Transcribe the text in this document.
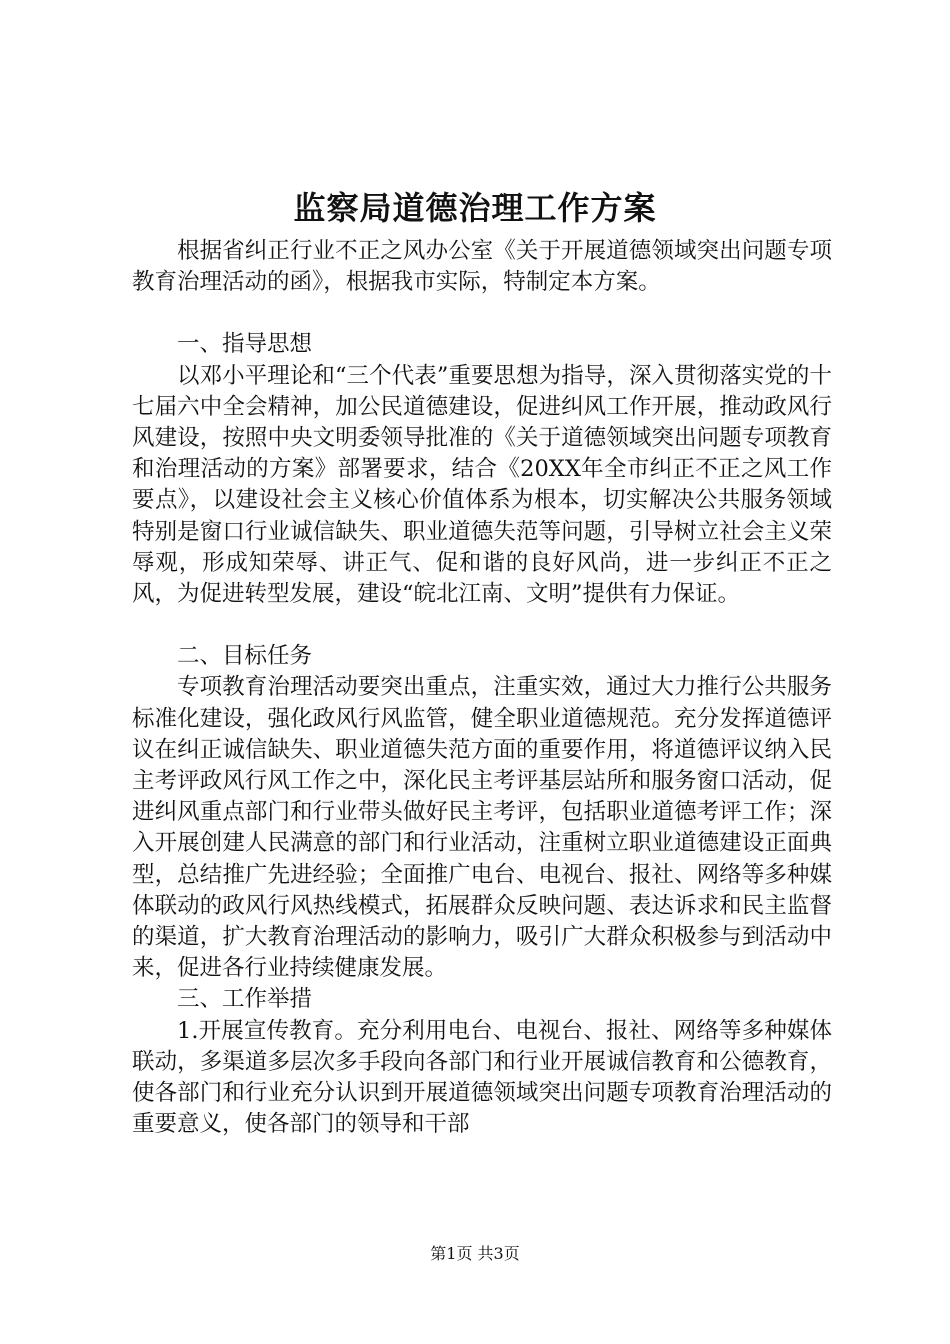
监察局道德治理工作方案

根据省纠正行业不正之风办公室《关于开展道德领域突出问题专项教育治理活动的函》，根据我市实际，特制定本方案。

一、指导思想

以邓小平理论和“三个代表”重要思想为指导，深入贯彻落实党的十七届六中全会精神，加公民道德建设，促进纠风工作开展，推动政风行风建设，按照中央文明委领导批准的《关于道德领域突出问题专项教育和治理活动的方案》部署要求，结合《20XX年全市纠正不正之风工作要点》，以建设社会主义核心价值体系为根本，切实解决公共服务领域特别是窗口行业诚信缺失、职业道德失范等问题，引导树立社会主义荣辱观，形成知荣辱、讲正气、促和谐的良好风尚，进一步纠正不正之风，为促进转型发展，建设“皖北江南、文明”提供有力保证。

二、目标任务

专项教育治理活动要突出重点，注重实效，通过大力推行公共服务标准化建设，强化政风行风监管，健全职业道德规范。充分发挥道德评议在纠正诚信缺失、职业道德失范方面的重要作用，将道德评议纳入民主考评政风行风工作之中，深化民主考评基层站所和服务窗口活动，促进纠风重点部门和行业带头做好民主考评，包括职业道德考评工作；深入开展创建人民满意的部门和行业活动，注重树立职业道德建设正面典型，总结推广先进经验；全面推广电台、电视台、报社、网络等多种媒体联动的政风行风热线模式，拓展群众反映问题、表达诉求和民主监督的渠道，扩大教育治理活动的影响力，吸引广大群众积极参与到活动中来，促进各行业持续健康发展。

三、工作举措

1.开展宣传教育。充分利用电台、电视台、报社、网络等多种媒体联动，多渠道多层次多手段向各部门和行业开展诚信教育和公德教育，使各部门和行业充分认识到开展道德领域突出问题专项教育治理活动的重要意义，使各部门的领导和干部

第1页 共3页
